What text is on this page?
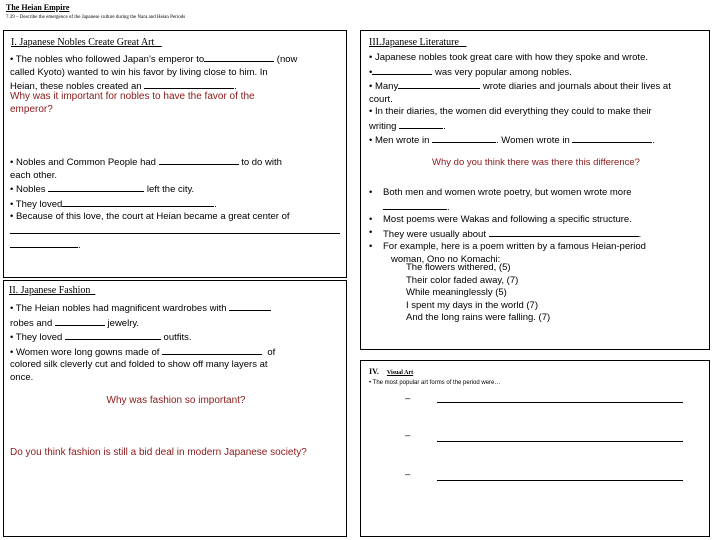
The Heian Empire
7.39 – Describe the emergence of the Japanese culture during the Nara and Heian Periods
I. Japanese Nobles Create Great Art
• The nobles who followed Japan’s emperor to	(now
called Kyoto) wanted to win his favor by living close to him. In
Heian, these nobles created an	.
Why was it important for nobles to have the favor of the
emperor?
• Nobles and Common People had	to do with
each other.
• Nobles	left the city.
• They loved	.
• Because of this love, the court at Heian became a great center of
.
II. Japanese Fashion
• The Heian nobles had magnificent wardrobes with
robes and	jewelry.
• They loved	outfits.
• Women wore long gowns made of	of
colored silk cleverly cut and folded to show off many layers at
once.
Why was fashion so important?
Do you think fashion is still a bid deal in modern Japanese society?
III.Japanese Literature
• Japanese nobles took great care with how they spoke and wrote.
•	was very popular among nobles.
• Many	wrote diaries and journals about their lives at
court.
• In their diaries, the women did everything they could to make their
writing	.
• Men wrote in	. Women wrote in	.
Why do you think there was there this difference?
• Both men and women wrote poetry, but women wrote more
.
• Most poems were Wakas and following a specific structure.
• They were usually about	.
• For example, here is a poem written by a famous Heian-period
woman, Ono no Komachi:
The flowers withered, (5)
Their color faded away, (7)
While meaninglessly (5)
I spent my days in the world (7)
And the long rains were falling. (7)
IV. Visual Art
• The most popular art forms of the period were…
–
–
–
